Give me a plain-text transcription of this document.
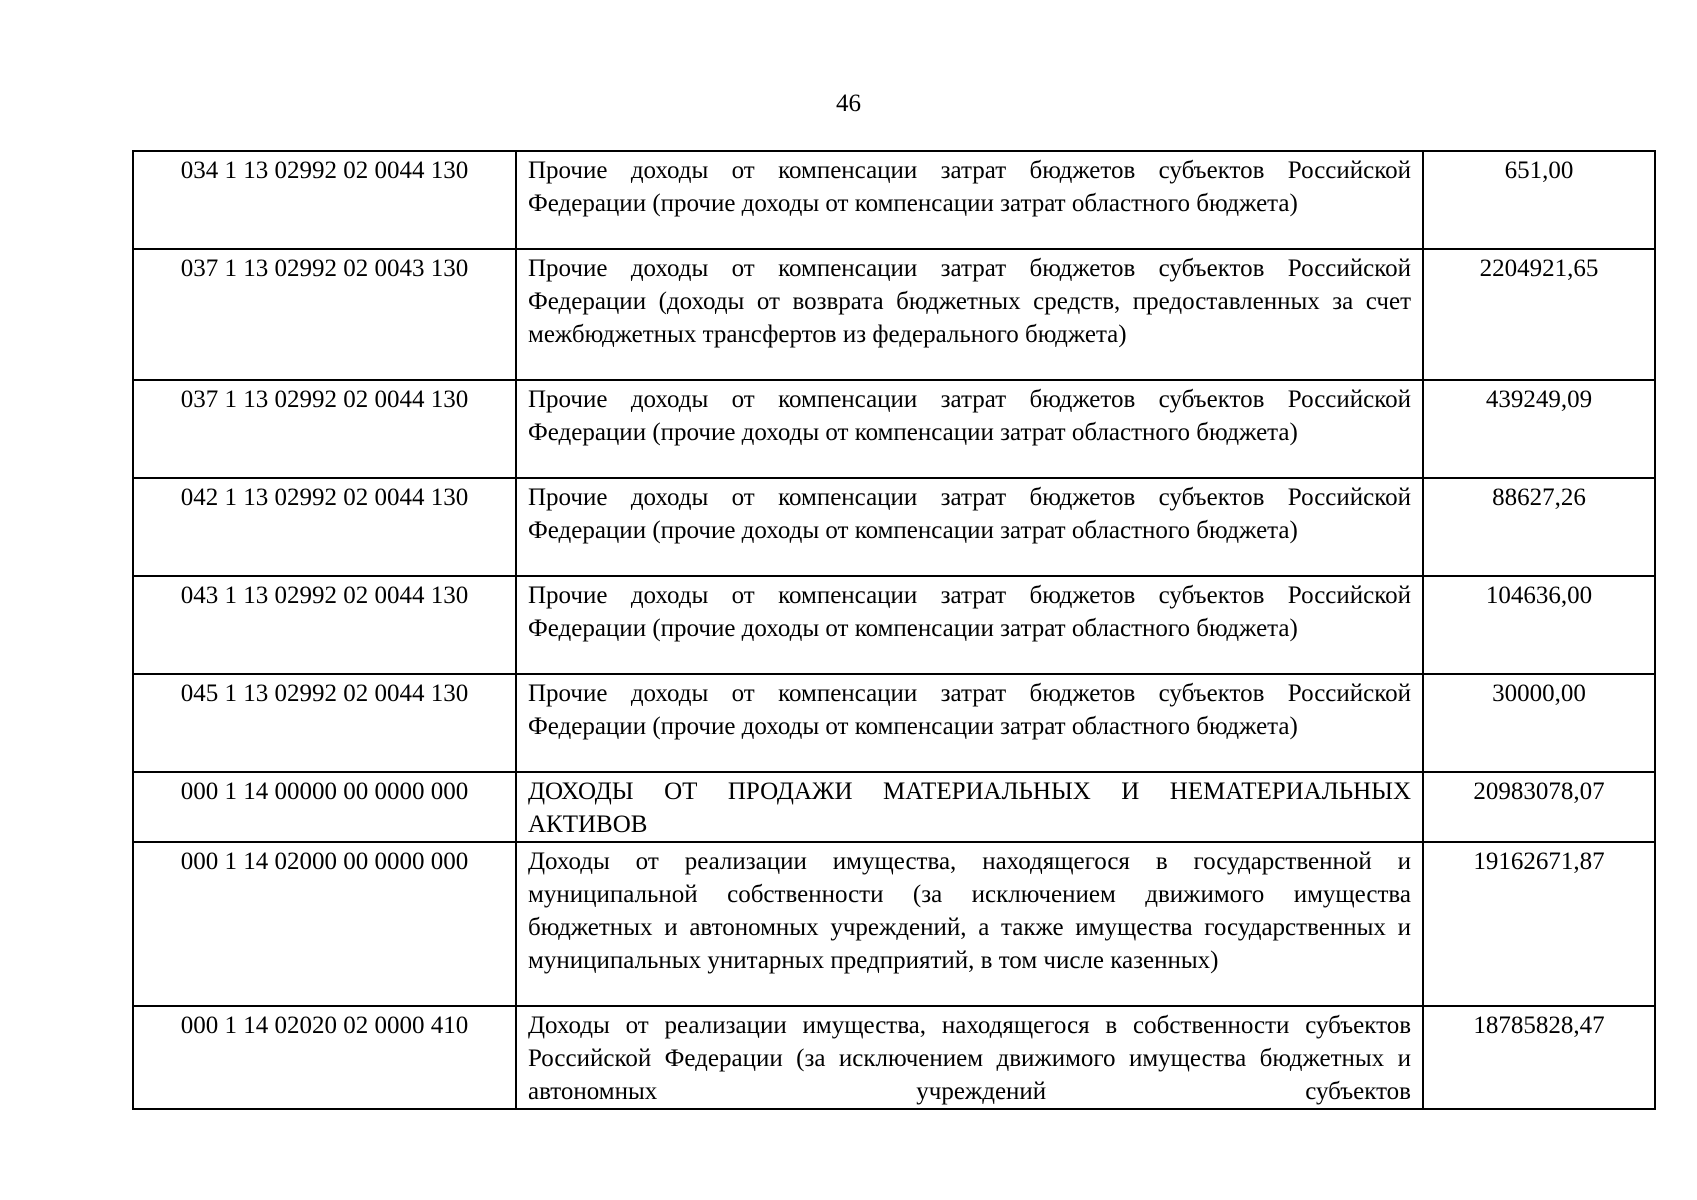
46
034 1 13 02992 02 0044 130	Прочие доходы от компенсации затрат бюджетов субъектов Российской Федерации (прочие доходы от компенсации затрат областного бюджета)	651,00
037 1 13 02992 02 0043 130	Прочие доходы от компенсации затрат бюджетов субъектов Российской Федерации (доходы от возврата бюджетных средств, предоставленных за счет межбюджетных трансфертов из федерального бюджета)	2204921,65
037 1 13 02992 02 0044 130	Прочие доходы от компенсации затрат бюджетов субъектов Российской Федерации (прочие доходы от компенсации затрат областного бюджета)	439249,09
042 1 13 02992 02 0044 130	Прочие доходы от компенсации затрат бюджетов субъектов Российской Федерации (прочие доходы от компенсации затрат областного бюджета)	88627,26
043 1 13 02992 02 0044 130	Прочие доходы от компенсации затрат бюджетов субъектов Российской Федерации (прочие доходы от компенсации затрат областного бюджета)	104636,00
045 1 13 02992 02 0044 130	Прочие доходы от компенсации затрат бюджетов субъектов Российской Федерации (прочие доходы от компенсации затрат областного бюджета)	30000,00
000 1 14 00000 00 0000 000	ДОХОДЫ ОТ ПРОДАЖИ МАТЕРИАЛЬНЫХ И НЕМАТЕРИАЛЬНЫХ АКТИВОВ	20983078,07
000 1 14 02000 00 0000 000	Доходы от реализации имущества, находящегося в государственной и муниципальной собственности (за исключением движимого имущества бюджетных и автономных учреждений, а также имущества государственных и муниципальных унитарных предприятий, в том числе казенных)	19162671,87
000 1 14 02020 02 0000 410	Доходы от реализации имущества, находящегося в собственности субъектов Российской Федерации (за исключением движимого имущества бюджетных и автономных учреждений субъектов	18785828,47
